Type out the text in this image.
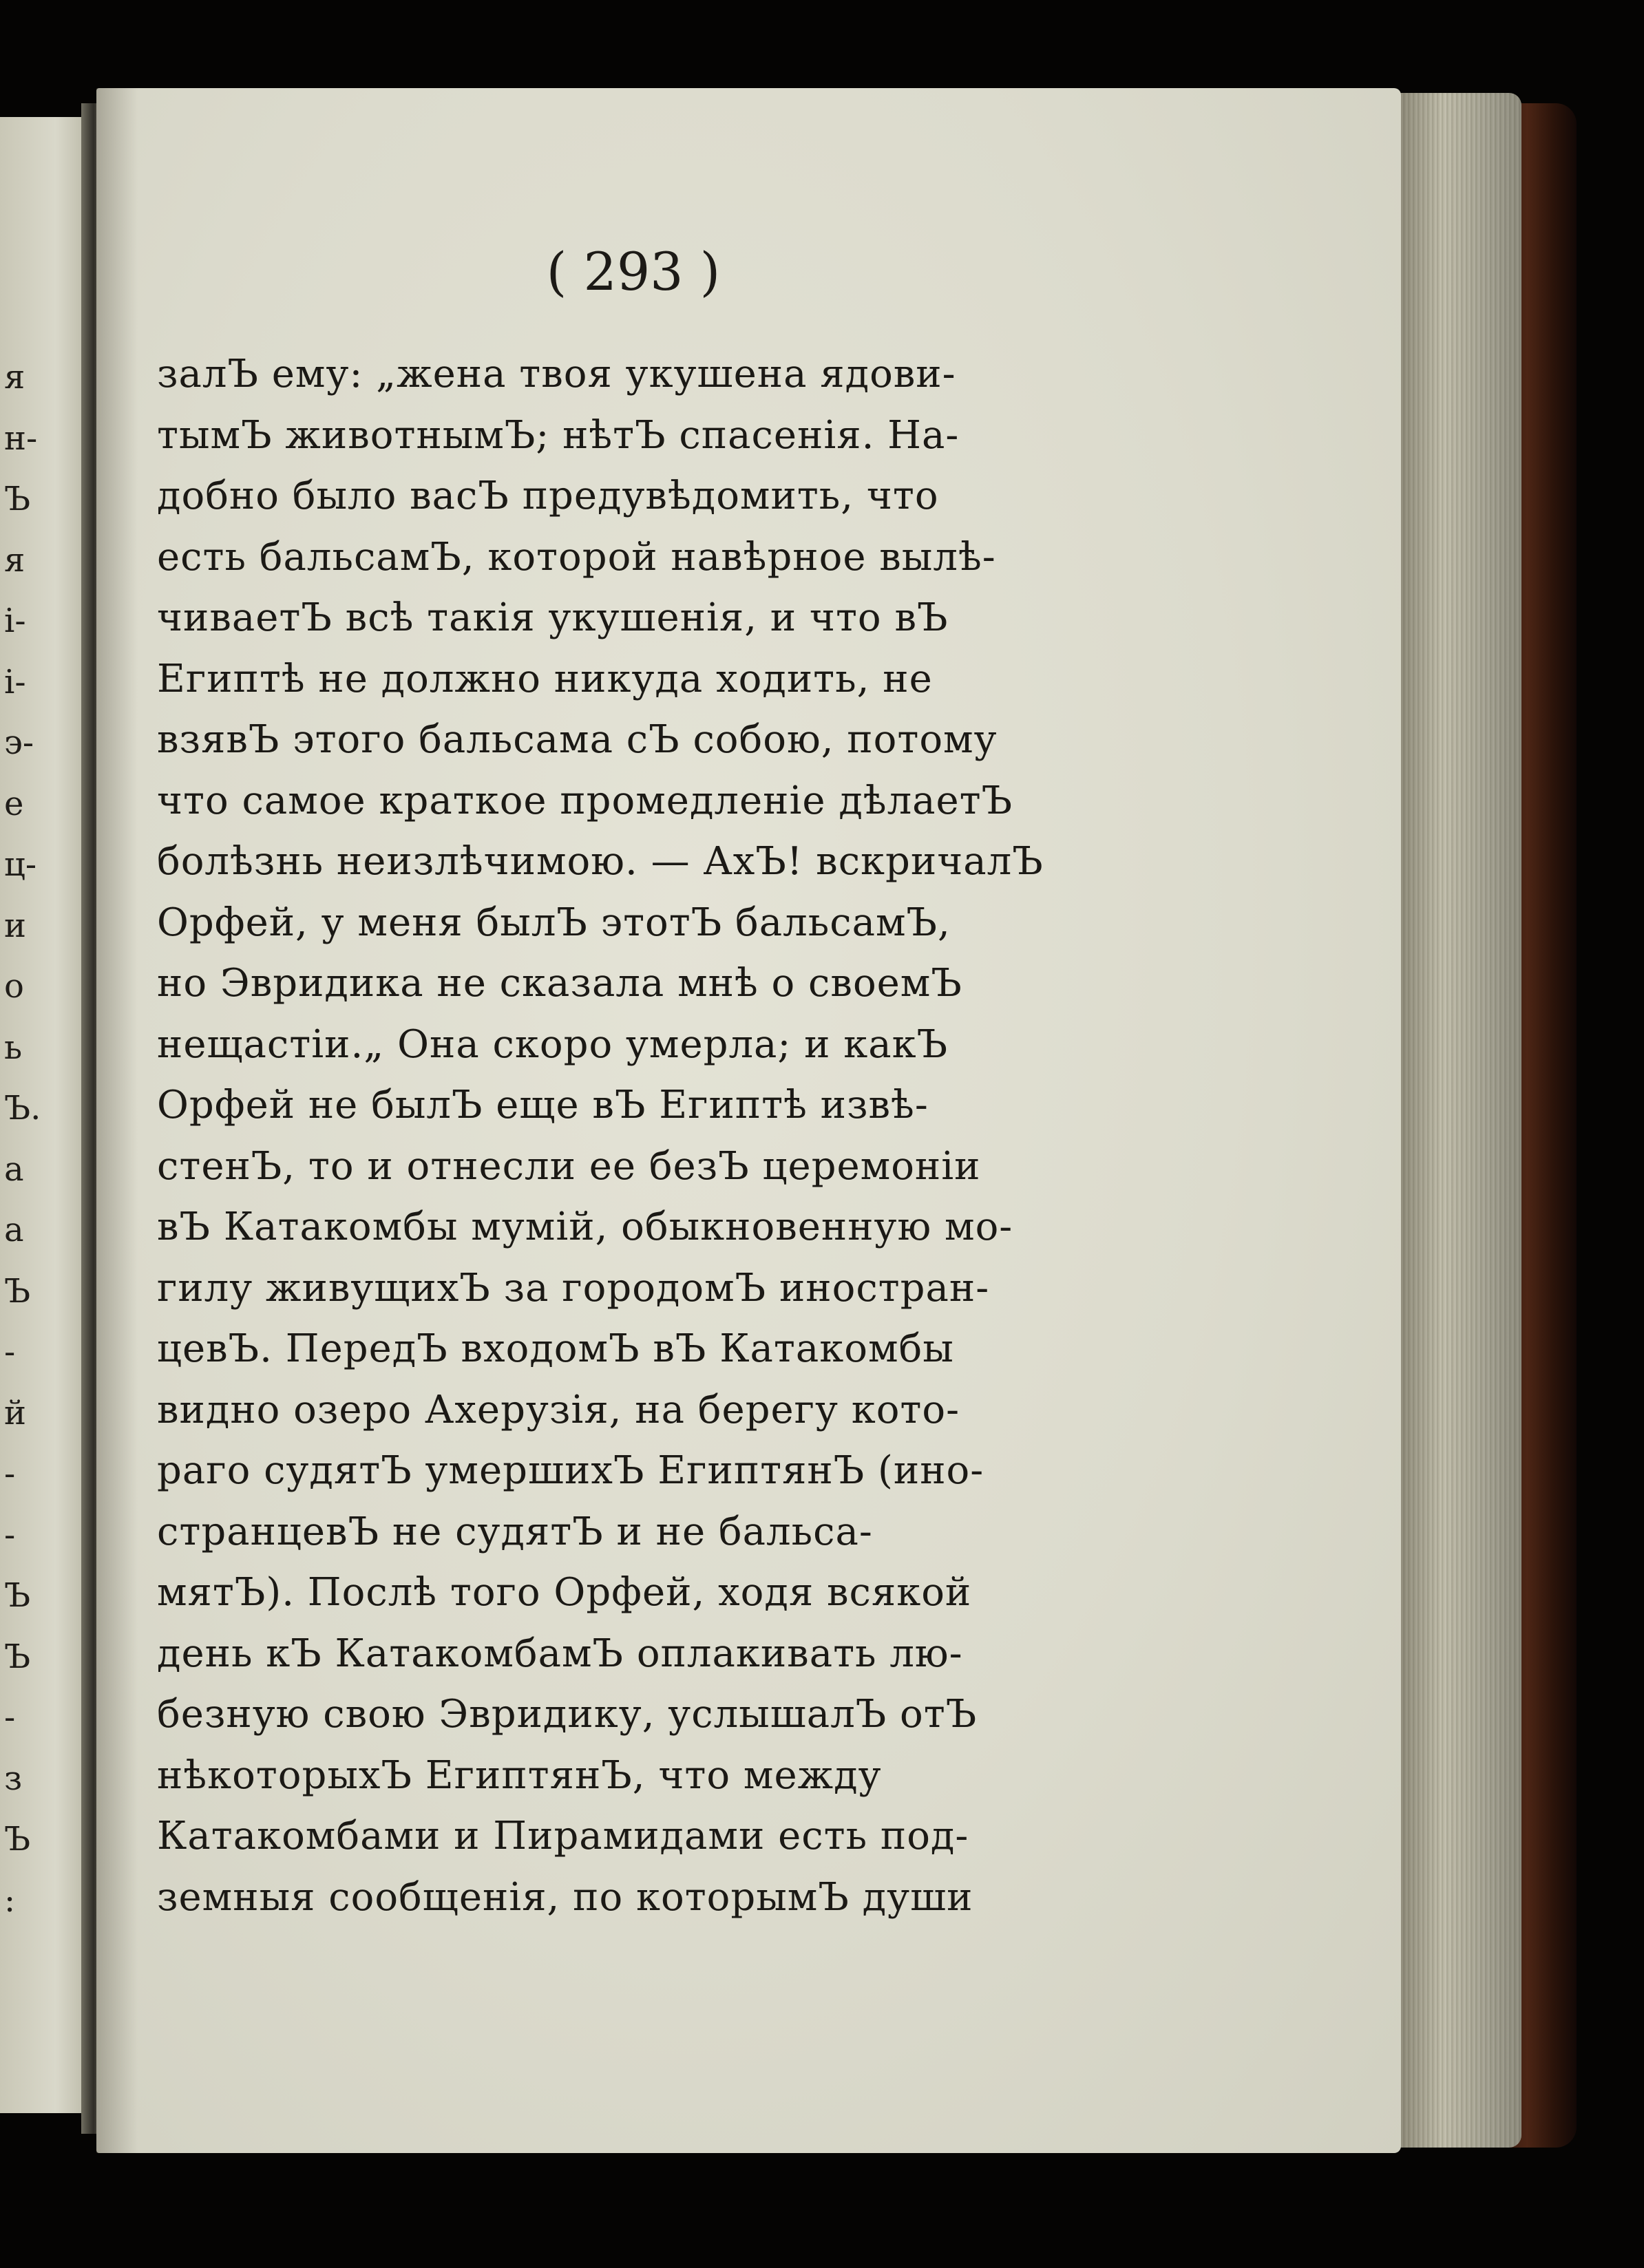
я
н-
Ъ
я
і-
і-
э-
е
ц-
и
о
ь
Ъ.
а
а
Ъ
-
й
-
-
Ъ
Ъ
-
з
Ъ
:
( 293 )
залЪ ему: „жена твоя укушена ядови-
тымЪ животнымЪ; нѣтЪ спасенія. На-
добно было васЪ предувѣдомить, что
есть бальсамЪ, которой навѣрное вылѣ-
чиваетЪ всѣ такія укушенія, и что вЪ
Египтѣ не должно никуда ходить, не
взявЪ этого бальсама сЪ собою, потому
что самое краткое промедленіе дѣлаетЪ
болѣзнь неизлѣчимою. — АхЪ! вскричалЪ
Орфей, у меня былЪ этотЪ бальсамЪ,
но Эвридика не сказала мнѣ о своемЪ
нещастіи.„ Она скоро умерла; и какЪ
Орфей не былЪ еще вЪ Египтѣ извѣ-
стенЪ, то и отнесли ее безЪ церемоніи
вЪ Катакомбы мумій, обыкновенную мо-
гилу живущихЪ за городомЪ иностран-
цевЪ. ПередЪ входомЪ вЪ Катакомбы
видно озеро Ахерузія, на берегу кото-
раго судятЪ умершихЪ ЕгиптянЪ (ино-
странцевЪ не судятЪ и не бальса-
мятЪ). Послѣ того Орфей, ходя всякой
день кЪ КатакомбамЪ оплакивать лю-
безную свою Эвридику, услышалЪ отЪ
нѣкоторыхЪ ЕгиптянЪ, что между
Катакомбами и Пирамидами есть под-
земныя сообщенія, по которымЪ души
